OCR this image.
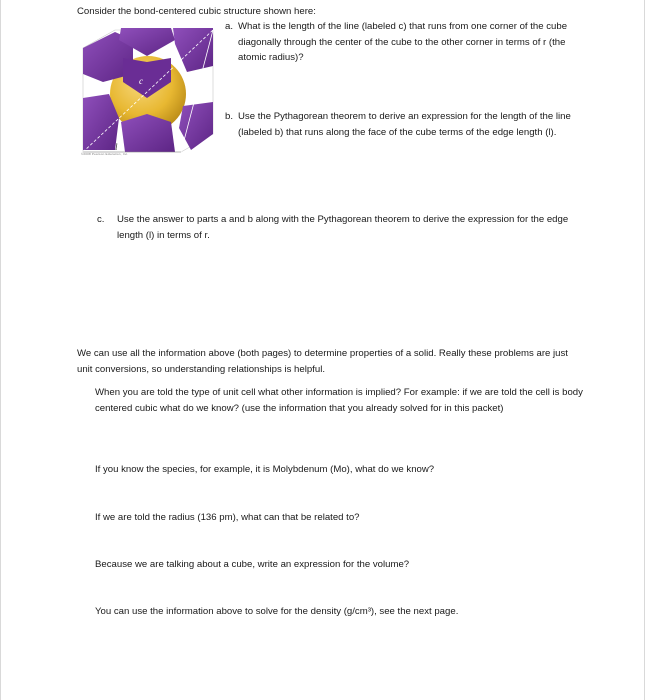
Consider the bond-centered cubic structure shown here:

c	b
l
©2008 Pearson Education, Inc.
a. What is the length of the line (labeled c) that runs from one corner of the cube diagonally through the center of the cube to the other corner in terms of r (the atomic radius)?
b. Use the Pythagorean theorem to derive an expression for the length of the line (labeled b) that runs along the face of the cube terms of the edge length (l).
c.	Use the answer to parts a and b along with the Pythagorean theorem to derive the expression for the edge length (l) in terms of r.

We can use all the information above (both pages) to determine properties of a solid. Really these problems are just unit conversions, so understanding relationships is helpful.

When you are told the type of unit cell what other information is implied? For example: if we are told the cell is body centered cubic what do we know? (use the information that you already solved for in this packet)

If you know the species, for example, it is Molybdenum (Mo), what do we know?

If we are told the radius (136 pm), what can that be related to?

Because we are talking about a cube, write an expression for the volume?

You can use the information above to solve for the density (g/cm³), see the next page.
